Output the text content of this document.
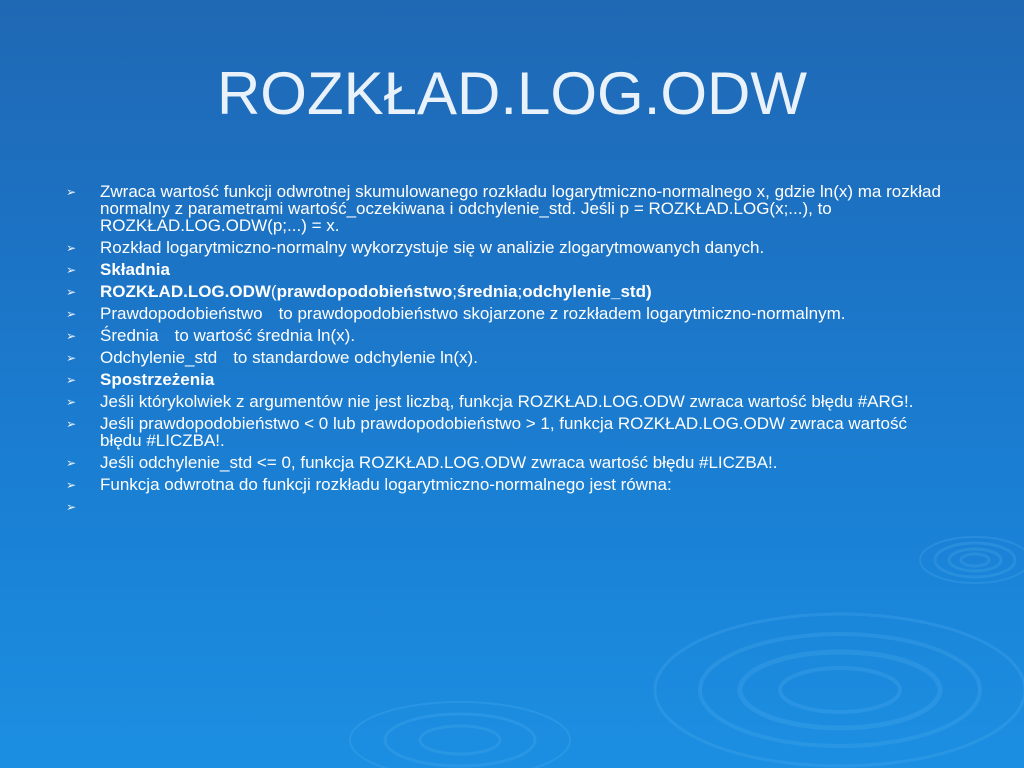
ROZKŁAD.LOG.ODW
➢ Zwraca wartość funkcji odwrotnej skumulowanego rozkładu logarytmiczno-normalnego x, gdzie ln(x) ma rozkład normalny z parametrami wartość_oczekiwana i odchylenie_std. Jeśli p = ROZKŁAD.LOG(x;...), to ROZKŁAD.LOG.ODW(p;...) = x.
➢ Rozkład logarytmiczno-normalny wykorzystuje się w analizie zlogarytmowanych danych.
➢ Składnia
➢ ROZKŁAD.LOG.ODW(prawdopodobieństwo;średnia;odchylenie_std)
➢ Prawdopodobieństwo to prawdopodobieństwo skojarzone z rozkładem logarytmiczno-normalnym.
➢ Średnia to wartość średnia ln(x).
➢ Odchylenie_std to standardowe odchylenie ln(x).
➢ Spostrzeżenia
➢ Jeśli którykolwiek z argumentów nie jest liczbą, funkcja ROZKŁAD.LOG.ODW zwraca wartość błędu #ARG!.
➢ Jeśli prawdopodobieństwo < 0 lub prawdopodobieństwo > 1, funkcja ROZKŁAD.LOG.ODW zwraca wartość błędu #LICZBA!.
➢ Jeśli odchylenie_std <= 0, funkcja ROZKŁAD.LOG.ODW zwraca wartość błędu #LICZBA!.
➢ Funkcja odwrotna do funkcji rozkładu logarytmiczno-normalnego jest równa:
➢
